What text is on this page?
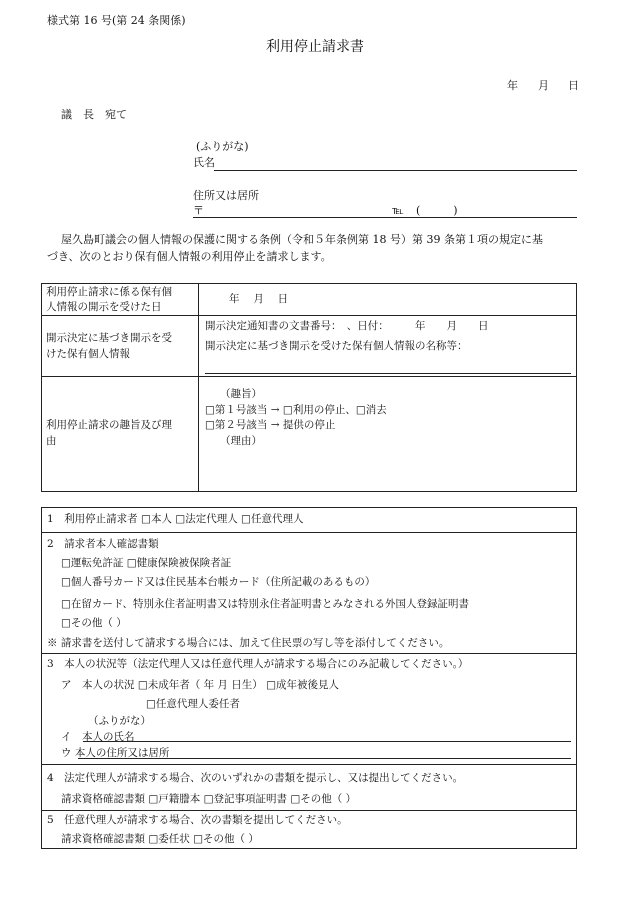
様式第 16 号(第 24 条関係)
利用停止請求書
年 月 日
議　長　宛て
(ふりがな)
氏名
住所又は居所
〒	℡ (　　　)
屋久島町議会の個人情報の保護に関する条例（令和５年条例第 18 号）第 39 条第１項の規定に基
づき、次のとおり保有個人情報の利用停止を請求します。
利用停止請求に係る保有個
人情報の開示を受けた日
年　 月　 日
開示決定に基づき開示を受
けた保有個人情報
開示決定通知書の文書番号：　、日付：　　　年　　月　　日
開示決定に基づき開示を受けた保有個人情報の名称等：
利用停止請求の趣旨及び理
由
（趣旨）
□第１号該当 → □利用の停止、□消去
□第２号該当 → 提供の停止
（理由）
1　利用停止請求者 □本人 □法定代理人 □任意代理人
2　請求者本人確認書類
□運転免許証 □健康保険被保険者証
□個人番号カード又は住民基本台帳カード（住所記載のあるもの）
□在留カード、特別永住者証明書又は特別永住者証明書とみなされる外国人登録証明書
□その他（ ）
※ 請求書を送付して請求する場合には、加えて住民票の写し等を添付してください。
3　本人の状況等（法定代理人又は任意代理人が請求する場合にのみ記載してください。）
ア　本人の状況 □未成年者（ 年 月 日生） □成年被後見人
□任意代理人委任者
（ふりがな）
イ　本人の氏名
ウ 本人の住所又は居所
4　法定代理人が請求する場合、次のいずれかの書類を提示し、又は提出してください。
請求資格確認書類 □戸籍謄本 □登記事項証明書 □その他（ ）
5　任意代理人が請求する場合、次の書類を提出してください。
請求資格確認書類 □委任状 □その他（ ）
